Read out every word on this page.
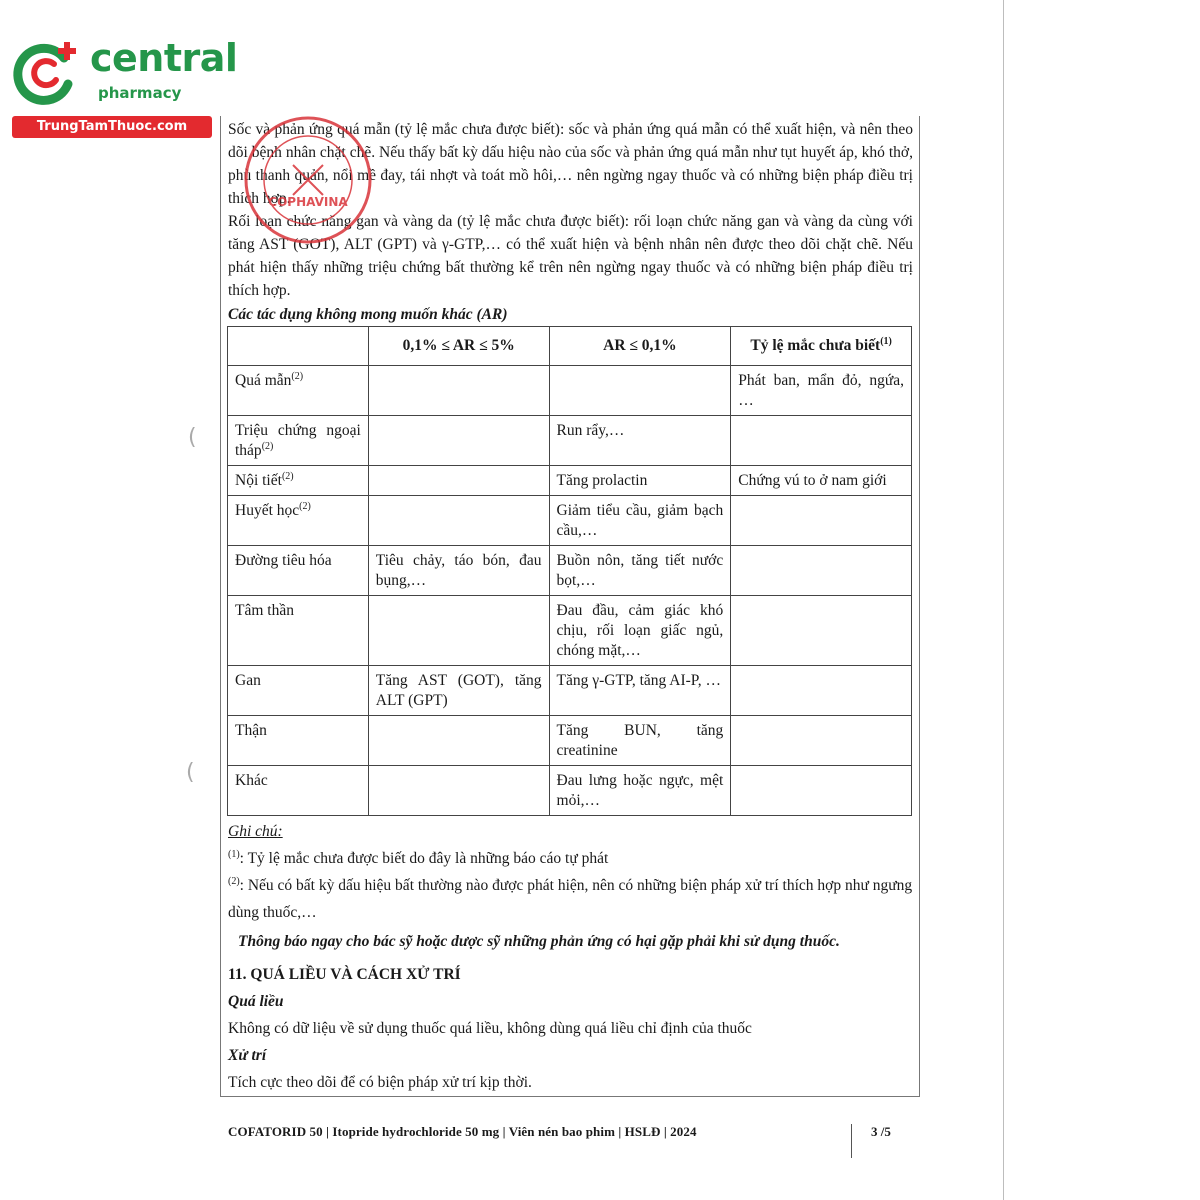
central
pharmacy
TrungTamThuoc.com	Sốc và phản ứng quá mẫn (tỷ lệ mắc chưa được biết): sốc và phản ứng quá mẫn có thể xuất hiện, và nên theo dõi bệnh nhân chặt chẽ. Nếu thấy bất kỳ dấu hiệu nào của sốc và phản ứng quá mẫn như tụt huyết áp, khó thở, phù thanh quản, nổi mề đay, tái nhợt và toát mồ hôi,… nên ngừng ngay thuốc và có những biện pháp điều trị thích hợp.

Rối loạn chức năng gan và vàng da (tỷ lệ mắc chưa được biết): rối loạn chức năng gan và vàng da cùng với tăng AST (GOT), ALT (GPT) và γ-GTP,… có thể xuất hiện và bệnh nhân nên được theo dõi chặt chẽ. Nếu phát hiện thấy những triệu chứng bất thường kể trên nên ngừng ngay thuốc và có những biện pháp điều trị thích hợp.

Các tác dụng không mong muốn khác (AR)

COPHAVINA
	0,1% ≤ AR ≤ 5%	AR ≤ 0,1%	Tỷ lệ mắc chưa biết$^{(1)}$
Quá mẫn$^{(2)}$			Phát ban, mẩn đỏ, ngứa, …
Triệu chứng ngoại tháp$^{(2)}$		Run rẩy,…	
Nội tiết$^{(2)}$		Tăng prolactin	Chứng vú to ở nam giới
Huyết học$^{(2)}$		Giảm tiểu cầu, giảm bạch cầu,…	
Đường tiêu hóa	Tiêu chảy, táo bón, đau bụng,…	Buồn nôn, tăng tiết nước bọt,…	
Tâm thần		Đau đầu, cảm giác khó chịu, rối loạn giấc ngủ, chóng mặt,…	
Gan	Tăng AST (GOT), tăng ALT (GPT)	Tăng γ-GTP, tăng AI-P, …	
Thận		Tăng BUN, tăng creatinine	
Khác		Đau lưng hoặc ngực, mệt mỏi,…	

Ghi chú:

$^{(1)}$: Tỷ lệ mắc chưa được biết do đây là những báo cáo tự phát

$^{(2)}$: Nếu có bất kỳ dấu hiệu bất thường nào được phát hiện, nên có những biện pháp xử trí thích hợp như ngưng dùng thuốc,…

Thông báo ngay cho bác sỹ hoặc dược sỹ những phản ứng có hại gặp phải khi sử dụng thuốc.

11. QUÁ LIỀU VÀ CÁCH XỬ TRÍ

Quá liều

Không có dữ liệu về sử dụng thuốc quá liều, không dùng quá liều chỉ định của thuốc

Xử trí

Tích cực theo dõi để có biện pháp xử trí kịp thời.

COFATORID 50 | Itopride hydrochloride 50 mg | Viên nén bao phim | HSLĐ | 2024	3 /5
(
(
